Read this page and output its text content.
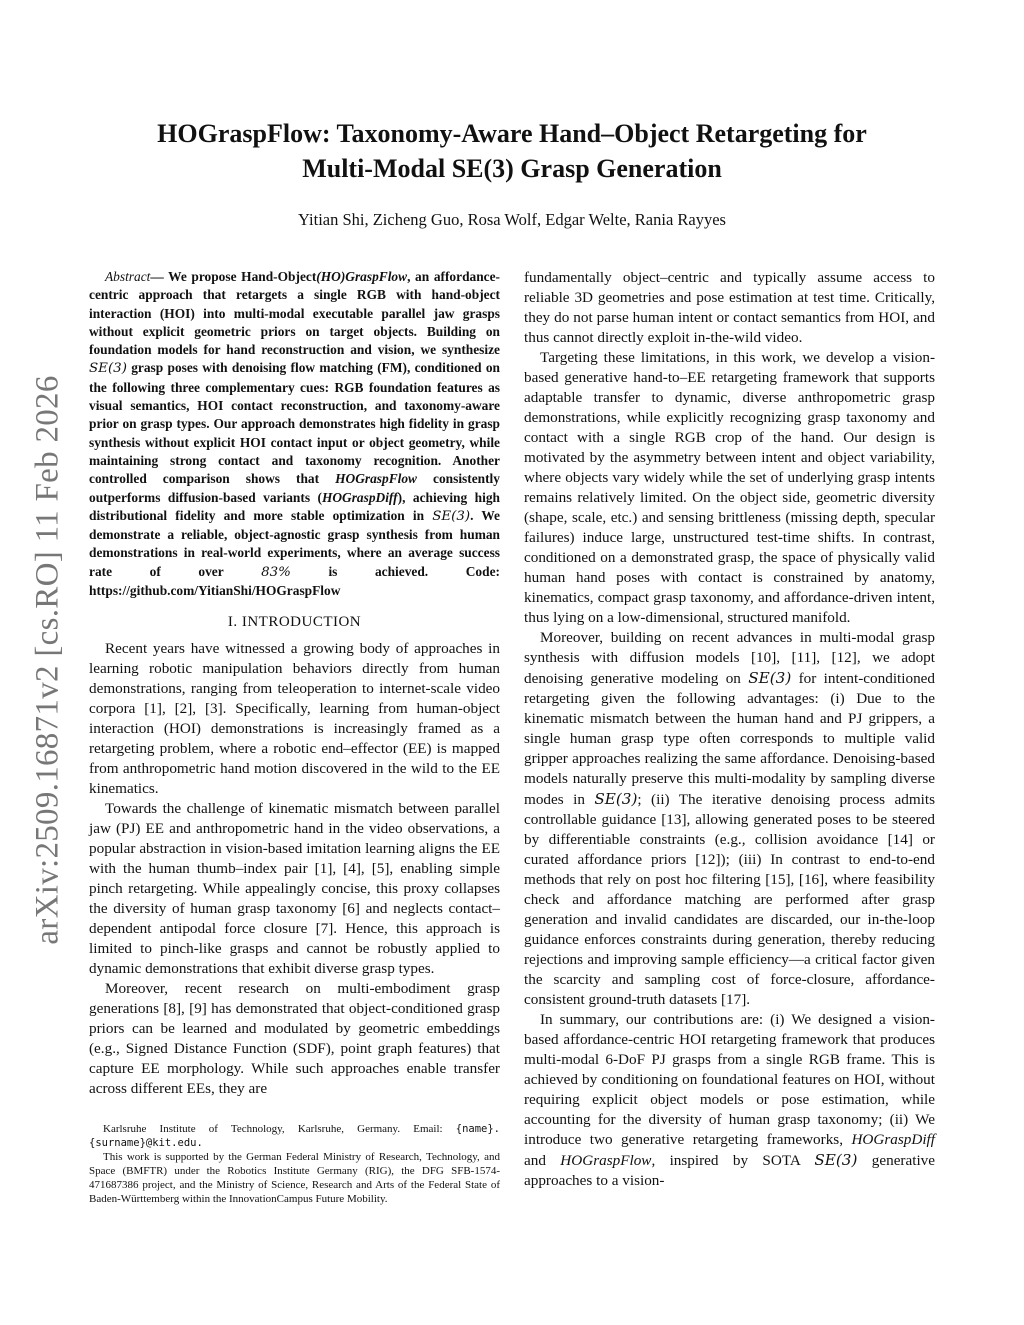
HOGraspFlow: Taxonomy-Aware Hand–Object Retargeting for
Multi-Modal SE(3) Grasp Generation
Yitian Shi, Zicheng Guo, Rosa Wolf, Edgar Welte, Rania Rayyes
arXiv:2509.16871v2 [cs.RO] 11 Feb 2026

Abstract— We propose Hand-Object(HO)GraspFlow, an affordance-centric approach that retargets a single RGB with hand-object interaction (HOI) into multi-modal executable parallel jaw grasps without explicit geometric priors on target objects. Building on foundation models for hand reconstruction and vision, we synthesize SE(3) grasp poses with denoising flow matching (FM), conditioned on the following three complementary cues: RGB foundation features as visual semantics, HOI contact reconstruction, and taxonomy-aware prior on grasp types. Our approach demonstrates high fidelity in grasp synthesis without explicit HOI contact input or object geometry, while maintaining strong contact and taxonomy recognition. Another controlled comparison shows that HOGraspFlow consistently outperforms diffusion-based variants (HOGraspDiff), achieving high distributional fidelity and more stable optimization in SE(3). We demonstrate a reliable, object-agnostic grasp synthesis from human demonstrations in real-world experiments, where an average success rate of over	83%	is achieved. Code: https://github.com/YitianShi/HOGraspFlow

I. INTRODUCTION

Recent years have witnessed a growing body of approaches in learning robotic manipulation behaviors directly from human demonstrations, ranging from teleoperation to internet-scale video corpora [1], [2], [3]. Specifically, learning from human-object interaction (HOI) demonstrations is increasingly framed as a retargeting problem, where a robotic end–effector (EE) is mapped from anthropometric hand motion discovered in the wild to the EE kinematics.

Towards the challenge of kinematic mismatch between parallel jaw (PJ) EE and anthropometric hand in the video observations, a popular abstraction in vision-based imitation learning aligns the EE with the human thumb–index pair [1], [4], [5], enabling simple pinch retargeting. While appealingly concise, this proxy collapses the diversity of human grasp taxonomy [6] and neglects contact–dependent antipodal force closure [7]. Hence, this approach is limited to pinch-like grasps and cannot be robustly applied to dynamic demonstrations that exhibit diverse grasp types.

Moreover, recent research on multi-embodiment grasp generations [8], [9] has demonstrated that object-conditioned grasp priors can be learned and modulated by geometric embeddings (e.g., Signed Distance Function (SDF), point graph features) that capture EE morphology. While such approaches enable transfer across different EEs, they are

Karlsruhe Institute of Technology, Karlsruhe, Germany. Email: {name}.{surname}@kit.edu.

This work is supported by the German Federal Ministry of Research, Technology, and Space (BMFTR) under the Robotics Institute Germany (RIG), the DFG SFB-1574-471687386 project, and the Ministry of Science, Research and Arts of the Federal State of Baden-Württemberg within the InnovationCampus Future Mobility.

fundamentally object–centric and typically assume access to reliable 3D geometries and pose estimation at test time. Critically, they do not parse human intent or contact semantics from HOI, and thus cannot directly exploit in-the-wild video.

Targeting these limitations, in this work, we develop a vision-based generative hand-to–EE retargeting framework that supports adaptable transfer to dynamic, diverse anthropometric grasp demonstrations, while explicitly recognizing grasp taxonomy and contact with a single RGB crop of the hand. Our design is motivated by the asymmetry between intent and object variability, where objects vary widely while the set of underlying grasp intents remains relatively limited. On the object side, geometric diversity (shape, scale, etc.) and sensing brittleness (missing depth, specular failures) induce large, unstructured test-time shifts. In contrast, conditioned on a demonstrated grasp, the space of physically valid human hand poses with contact is constrained by anatomy, kinematics, compact grasp taxonomy, and affordance-driven intent, thus lying on a low-dimensional, structured manifold.

Moreover, building on recent advances in multi-modal grasp synthesis with diffusion models [10], [11], [12], we adopt denoising generative modeling on SE(3) for intent-conditioned retargeting given the following advantages: (i) Due to the kinematic mismatch between the human hand and PJ grippers, a single human grasp type often corresponds to multiple valid gripper approaches realizing the same affordance. Denoising-based models naturally preserve this multi-modality by sampling diverse modes in SE(3); (ii) The iterative denoising process admits controllable guidance [13], allowing generated poses to be steered by differentiable constraints (e.g., collision avoidance [14] or curated affordance priors [12]); (iii) In contrast to end-to-end methods that rely on post hoc filtering [15], [16], where feasibility check and affordance matching are performed after grasp generation and invalid candidates are discarded, our in-the-loop guidance enforces constraints during generation, thereby reducing rejections and improving sample efficiency—a critical factor given the scarcity and sampling cost of force-closure, affordance-consistent ground-truth datasets [17].

In summary, our contributions are: (i) We designed a vision-based affordance-centric HOI retargeting framework that produces multi-modal 6-DoF PJ grasps from a single RGB frame. This is achieved by conditioning on foundational features on HOI, without requiring explicit object models or pose estimation, while accounting for the diversity of human grasp taxonomy; (ii) We introduce two generative retargeting frameworks, HOGraspDiff and HOGraspFlow, inspired by SOTA SE(3) generative approaches to a vision-
